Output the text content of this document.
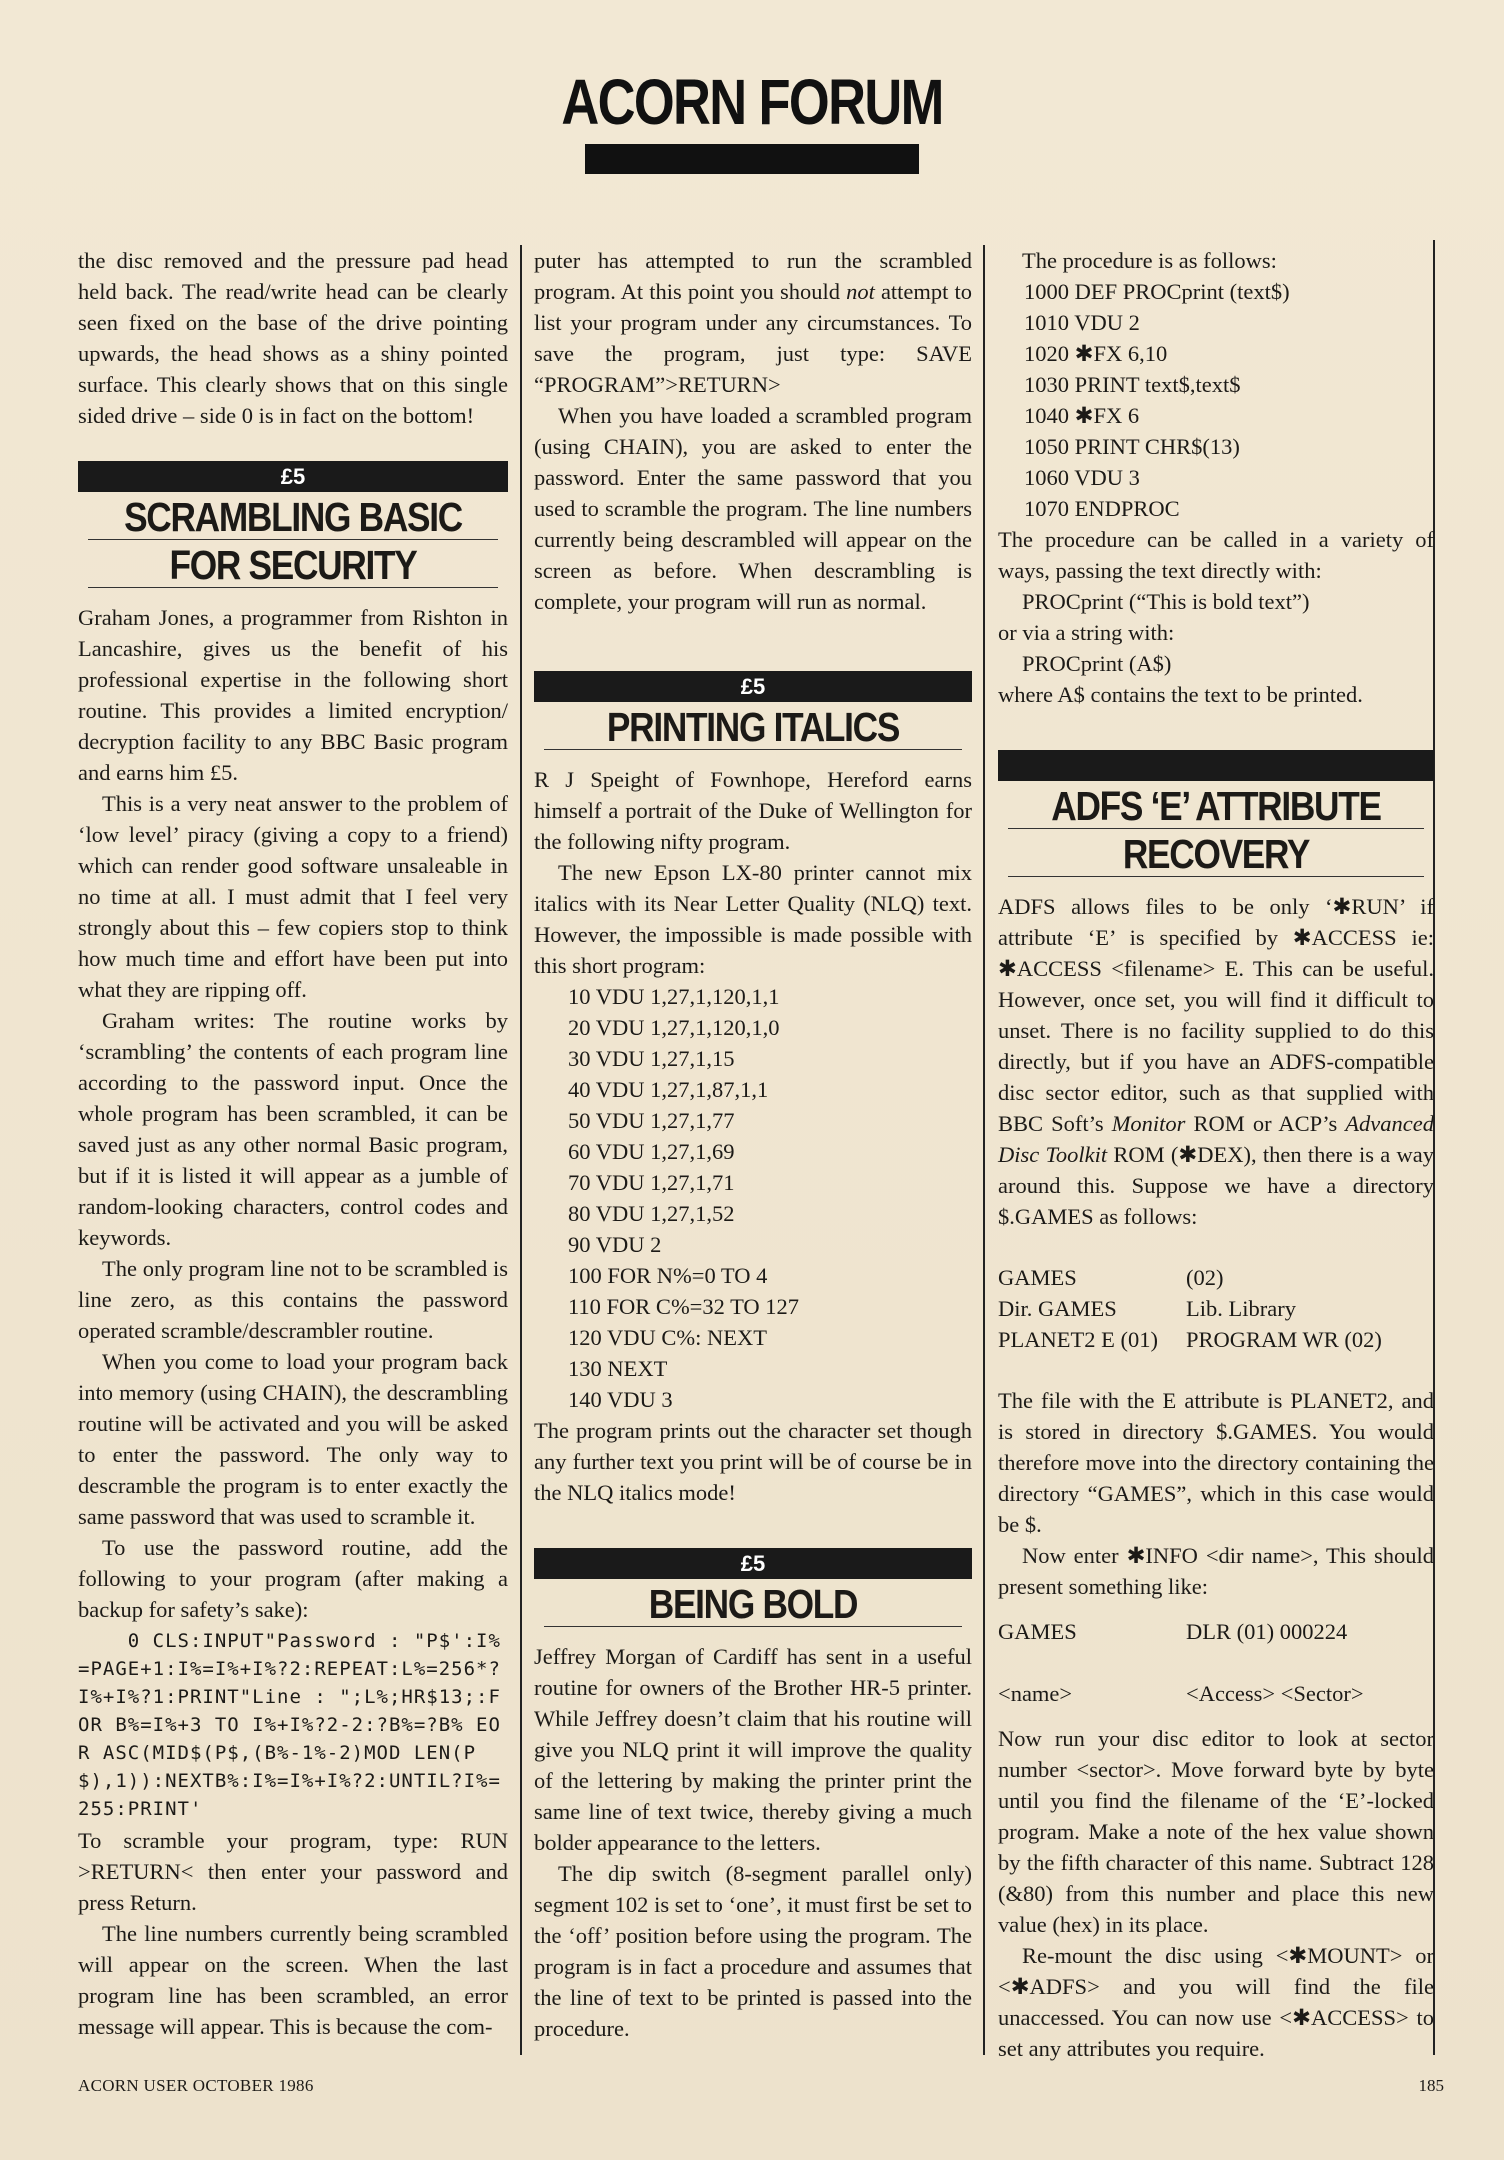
ACORN FORUM

the disc removed and the pressure pad head held back. The read/write head can be clearly seen fixed on the base of the drive pointing upwards, the head shows as a shiny pointed surface. This clearly shows that on this single sided drive – side 0 is in fact on the bottom!

£5
SCRAMBLING BASIC
FOR SECURITY

Graham Jones, a programmer from Rishton in Lancashire, gives us the benefit of his professional expertise in the following short routine. This provides a limited encryption/ decryption facility to any BBC Basic program and earns him £5.

This is a very neat answer to the problem of ‘low level’ piracy (giving a copy to a friend) which can render good software unsaleable in no time at all. I must admit that I feel very strongly about this – few copiers stop to think how much time and effort have been put into what they are ripping off.

Graham writes: The routine works by ‘scrambling’ the contents of each program line according to the password input. Once the whole program has been scrambled, it can be saved just as any other normal Basic program, but if it is listed it will appear as a jumble of random-looking characters, control codes and keywords.

The only program line not to be scrambled is line zero, as this contains the password operated scramble/descrambler routine.

When you come to load your program back into memory (using CHAIN), the descrambling routine will be activated and you will be asked to enter the password. The only way to descramble the program is to enter exactly the same password that was used to scramble it.

To use the password routine, add the following to your program (after making a backup for safety’s sake):

0 CLS:INPUT"Password : "P$':I%=PAGE+1:I%=I%+I%?2:REPEAT:L%=256*?I%+I%?1:PRINT"Line : ";L%;HR$13;:FOR B%=I%+3 TO I%+I%?2-2:?B%=?B% EOR ASC(MID$(P$,(B%-1%-2)MOD LEN(P$),1)):NEXTB%:I%=I%+I%?2:UNTIL?I%=255:PRINT'

To scramble your program, type: RUN >RETURN< then enter your password and press Return.

The line numbers currently being scrambled will appear on the screen. When the last program line has been scrambled, an error message will appear. This is because the com-

puter has attempted to run the scrambled program. At this point you should not attempt to list your program under any circumstances. To save the program, just type: SAVE “PROGRAM”>RETURN>

When you have loaded a scrambled program (using CHAIN), you are asked to enter the password. Enter the same password that you used to scramble the program. The line numbers currently being descrambled will appear on the screen as before. When descrambling is complete, your program will run as normal.

£5
PRINTING ITALICS

R J Speight of Fownhope, Hereford earns himself a portrait of the Duke of Wellington for the following nifty program.

The new Epson LX-80 printer cannot mix italics with its Near Letter Quality (NLQ) text. However, the impossible is made possible with this short program:

10 VDU 1,27,1,120,1,1
20 VDU 1,27,1,120,1,0
30 VDU 1,27,1,15
40 VDU 1,27,1,87,1,1
50 VDU 1,27,1,77
60 VDU 1,27,1,69
70 VDU 1,27,1,71
80 VDU 1,27,1,52
90 VDU 2
100 FOR N%=0 TO 4
110 FOR C%=32 TO 127
120 VDU C%: NEXT
130 NEXT
140 VDU 3

The program prints out the character set though any further text you print will be of course be in the NLQ italics mode!

£5
BEING BOLD

Jeffrey Morgan of Cardiff has sent in a useful routine for owners of the Brother HR-5 printer. While Jeffrey doesn’t claim that his routine will give you NLQ print it will improve the quality of the lettering by making the printer print the same line of text twice, thereby giving a much bolder appearance to the letters.

The dip switch (8-segment parallel only) segment 102 is set to ‘one’, it must first be set to the ‘off’ position before using the program. The program is in fact a procedure and assumes that the line of text to be printed is passed into the procedure.

The procedure is as follows:

1000 DEF PROCprint (text$)
1010 VDU 2
1020 ✱FX 6,10
1030 PRINT text$,text$
1040 ✱FX 6
1050 PRINT CHR$(13)
1060 VDU 3
1070 ENDPROC

The procedure can be called in a variety of ways, passing the text directly with:

PROCprint (“This is bold text”)

or via a string with:

PROCprint (A$)

where A$ contains the text to be printed.

ADFS ‘E’ ATTRIBUTE
RECOVERY

ADFS allows files to be only ‘✱RUN’ if attribute ‘E’ is specified by ✱ACCESS ie: ✱ACCESS <filename> E. This can be useful. However, once set, you will find it difficult to unset. There is no facility supplied to do this directly, but if you have an ADFS-compatible disc sector editor, such as that supplied with BBC Soft’s Monitor ROM or ACP’s Advanced Disc Toolkit ROM (✱DEX), then there is a way around this. Suppose we have a directory $.GAMES as follows:

GAMES	(02)
Dir. GAMES	Lib. Library
PLANET2 E (01)	PROGRAM WR (02)

The file with the E attribute is PLANET2, and is stored in directory $.GAMES. You would therefore move into the directory containing the directory “GAMES”, which in this case would be $.

Now enter ✱INFO <dir name>, This should present something like:

GAMES	DLR (01) 000224
<name>	<Access> <Sector>

Now run your disc editor to look at sector number <sector>. Move forward byte by byte until you find the filename of the ‘E’-locked program. Make a note of the hex value shown by the fifth character of this name. Subtract 128 (&80) from this number and place this new value (hex) in its place.

Re-mount the disc using <✱MOUNT> or <✱ADFS> and you will find the file unaccessed. You can now use <✱ACCESS> to set any attributes you require.

ACORN USER OCTOBER 1986	185
